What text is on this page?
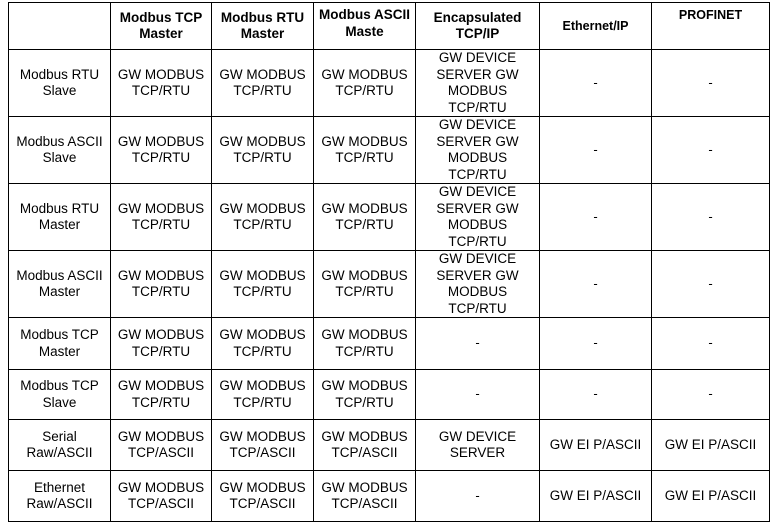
	Modbus TCP Master	Modbus RTU Master	Modbus ASCII Maste	Encapsulated TCP/IP	Ethernet/IP	PROFINET
Modbus RTU Slave	GW MODBUS TCP/RTU	GW MODBUS TCP/RTU	GW MODBUS TCP/RTU	GW DEVICE SERVER GW MODBUS TCP/RTU	-	-
Modbus ASCII Slave	GW MODBUS TCP/RTU	GW MODBUS TCP/RTU	GW MODBUS TCP/RTU	GW DEVICE SERVER GW MODBUS TCP/RTU	-	-
Modbus RTU Master	GW MODBUS TCP/RTU	GW MODBUS TCP/RTU	GW MODBUS TCP/RTU	GW DEVICE SERVER GW MODBUS TCP/RTU	-	-
Modbus ASCII Master	GW MODBUS TCP/RTU	GW MODBUS TCP/RTU	GW MODBUS TCP/RTU	GW DEVICE SERVER GW MODBUS TCP/RTU	-	-
Modbus TCP Master	GW MODBUS TCP/RTU	GW MODBUS TCP/RTU	GW MODBUS TCP/RTU	-	-	-
Modbus TCP Slave	GW MODBUS TCP/RTU	GW MODBUS TCP/RTU	GW MODBUS TCP/RTU	-	-	-
Serial Raw/ASCII	GW MODBUS TCP/ASCII	GW MODBUS TCP/ASCII	GW MODBUS TCP/ASCII	GW DEVICE SERVER	GW EI P/ASCII	GW EI P/ASCII
Ethernet Raw/ASCII	GW MODBUS TCP/ASCII	GW MODBUS TCP/ASCII	GW MODBUS TCP/ASCII	-	GW EI P/ASCII	GW EI P/ASCII
